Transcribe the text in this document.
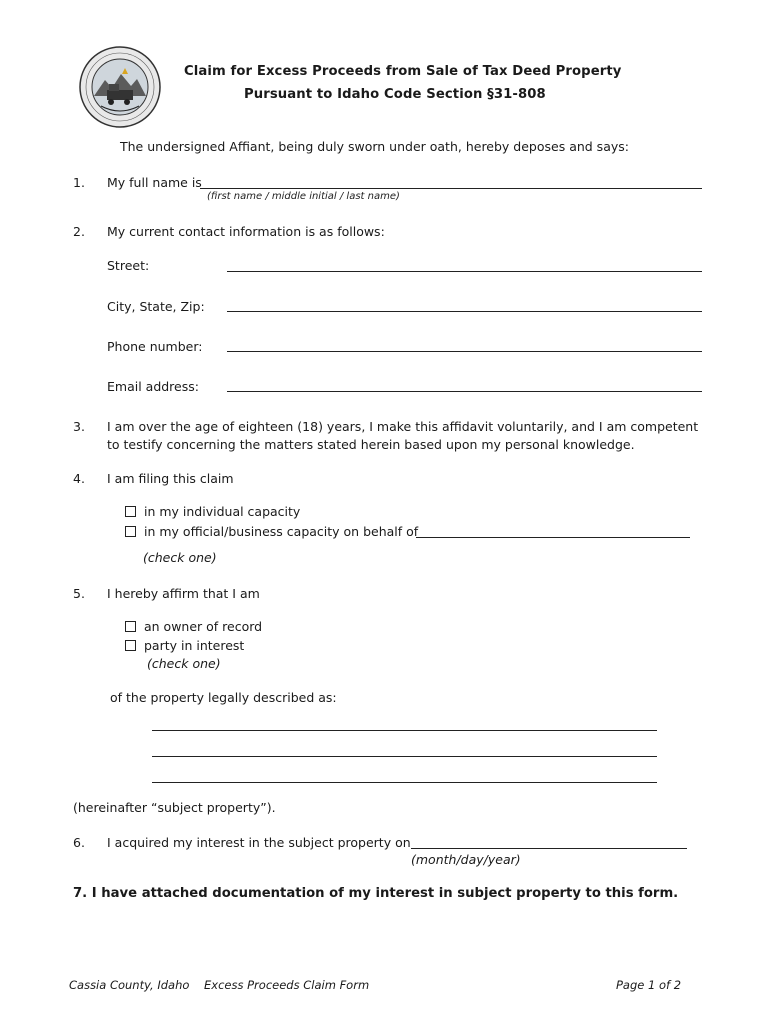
Claim for Excess Proceeds from Sale of Tax Deed Property
Pursuant to Idaho Code Section §31-808
The undersigned Affiant, being duly sworn under oath, hereby deposes and says:
1. My full name is
(first name / middle initial / last name)
2. My current contact information is as follows:
Street:
City, State, Zip:
Phone number:
Email address:
3. I am over the age of eighteen (18) years, I make this affidavit voluntarily, and I am competent
to testify concerning the matters stated herein based upon my personal knowledge.
4. I am filing this claim
in my individual capacity
in my official/business capacity on behalf of
(check one)
5. I hereby affirm that I am
an owner of record
party in interest
(check one)
of the property legally described as:
(hereinafter “subject property”).
6. I acquired my interest in the subject property on
(month/day/year)
7. I have attached documentation of my interest in subject property to this form.
Cassia County, Idaho    Excess Proceeds Claim Form	Page 1 of 2
